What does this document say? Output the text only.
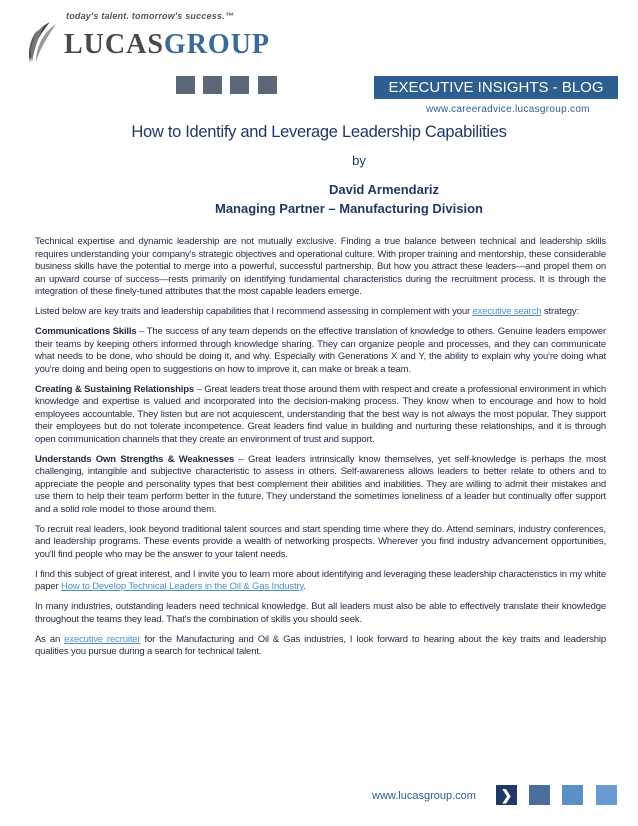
today's talent. tomorrow's success.™
LUCASGROUP
EXECUTIVE INSIGHTS - BLOG
www.careeradvice.lucasgroup.com
How to Identify and Leverage Leadership Capabilities
by
David Armendariz
Managing Partner – Manufacturing Division

Technical expertise and dynamic leadership are not mutually exclusive. Finding a true balance between technical and leadership skills requires understanding your company's strategic objectives and operational culture. With proper training and mentorship, these considerable business skills have the potential to merge into a powerful, successful partnership. But how you attract these leaders—and propel them on an upward course of success—rests primarily on identifying fundamental characteristics during the recruitment process. It is through the integration of these finely-tuned attributes that the most capable leaders emerge.

Listed below are key traits and leadership capabilities that I recommend assessing in complement with your executive search strategy:

Communications Skills – The success of any team depends on the effective translation of knowledge to others. Genuine leaders empower their teams by keeping others informed through knowledge sharing. They can organize people and processes, and they can communicate what needs to be done, who should be doing it, and why. Especially with Generations X and Y, the ability to explain why you're doing what you're doing and being open to suggestions on how to improve it, can make or break a team.

Creating & Sustaining Relationships – Great leaders treat those around them with respect and create a professional environment in which knowledge and expertise is valued and incorporated into the decision-making process. They know when to encourage and how to hold employees accountable. They listen but are not acquiescent, understanding that the best way is not always the most popular. They support their employees but do not tolerate incompetence. Great leaders find value in building and nurturing these relationships, and it is through open communication channels that they create an environment of trust and support.

Understands Own Strengths & Weaknesses – Great leaders intrinsically know themselves, yet self-knowledge is perhaps the most challenging, intangible and subjective characteristic to assess in others. Self-awareness allows leaders to better relate to others and to appreciate the people and personality types that best complement their abilities and inabilities. They are willing to admit their mistakes and use them to help their team perform better in the future. They understand the sometimes loneliness of a leader but continually offer support and a solid role model to those around them.

To recruit real leaders, look beyond traditional talent sources and start spending time where they do. Attend seminars, industry conferences, and leadership programs. These events provide a wealth of networking prospects. Wherever you find industry advancement opportunities, you'll find people who may be the answer to your talent needs.

I find this subject of great interest, and I invite you to learn more about identifying and leveraging these leadership characteristics in my white paper How to Develop Technical Leaders in the Oil & Gas Industry.

In many industries, outstanding leaders need technical knowledge. But all leaders must also be able to effectively translate their knowledge throughout the teams they lead. That's the combination of skills you should seek.

As an executive recruiter for the Manufacturing and Oil & Gas industries, I look forward to hearing about the key traits and leadership qualities you pursue during a search for technical talent.

www.lucasgroup.com	❯
